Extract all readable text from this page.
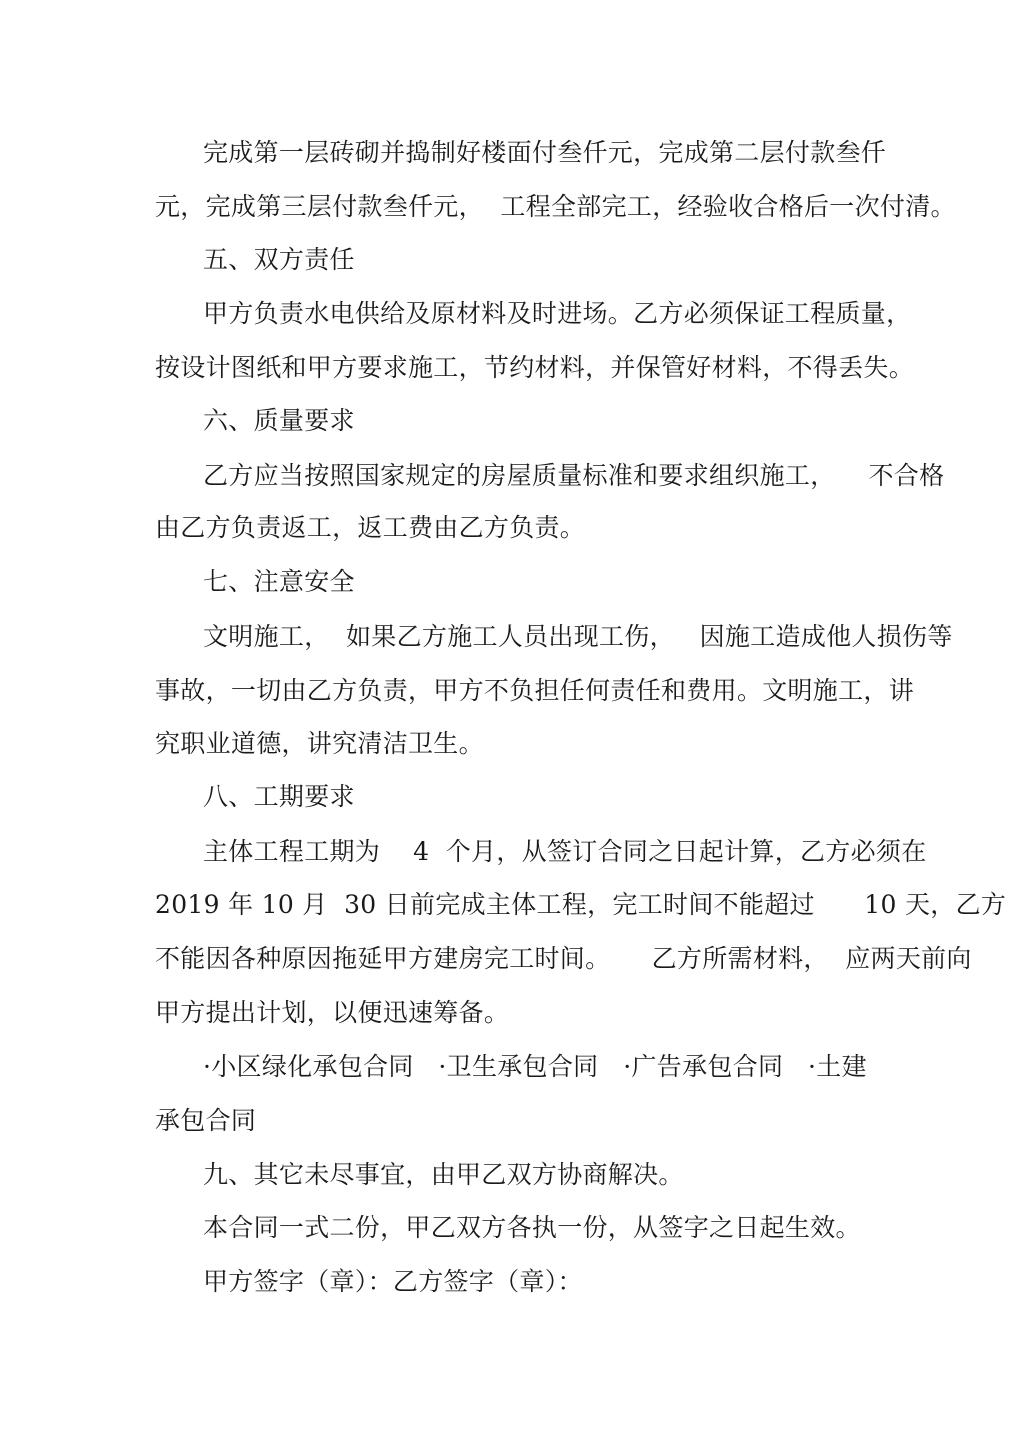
完成第一层砖砌并捣制好楼面付叁仟元，完成第二层付款叁仟
元，完成第三层付款叁仟元，  工程全部完工，经验收合格后一次付清。
五、双方责任
甲方负责水电供给及原材料及时进场。乙方必须保证工程质量，
按设计图纸和甲方要求施工，节约材料，并保管好材料，不得丢失。
六、质量要求
乙方应当按照国家规定的房屋质量标准和要求组织施工，    不合格
由乙方负责返工，返工费由乙方负责。
七、注意安全
文明施工，  如果乙方施工人员出现工伤，   因施工造成他人损伤等
事故，一切由乙方负责，甲方不负担任何责任和费用。文明施工，讲
究职业道德，讲究清洁卫生。
八、工期要求
主体工程工期为    4  个月，从签订合同之日起计算，乙方必须在
2019 年 10 月  30 日前完成主体工程，完工时间不能超过      10 天，乙方
不能因各种原因拖延甲方建房完工时间。     乙方所需材料，  应两天前向
甲方提出计划，以便迅速筹备。
·小区绿化承包合同 ·卫生承包合同 ·广告承包合同 ·土建
承包合同
九、其它未尽事宜，由甲乙双方协商解决。
本合同一式二份，甲乙双方各执一份，从签字之日起生效。
甲方签字（章）：乙方签字（章）：
